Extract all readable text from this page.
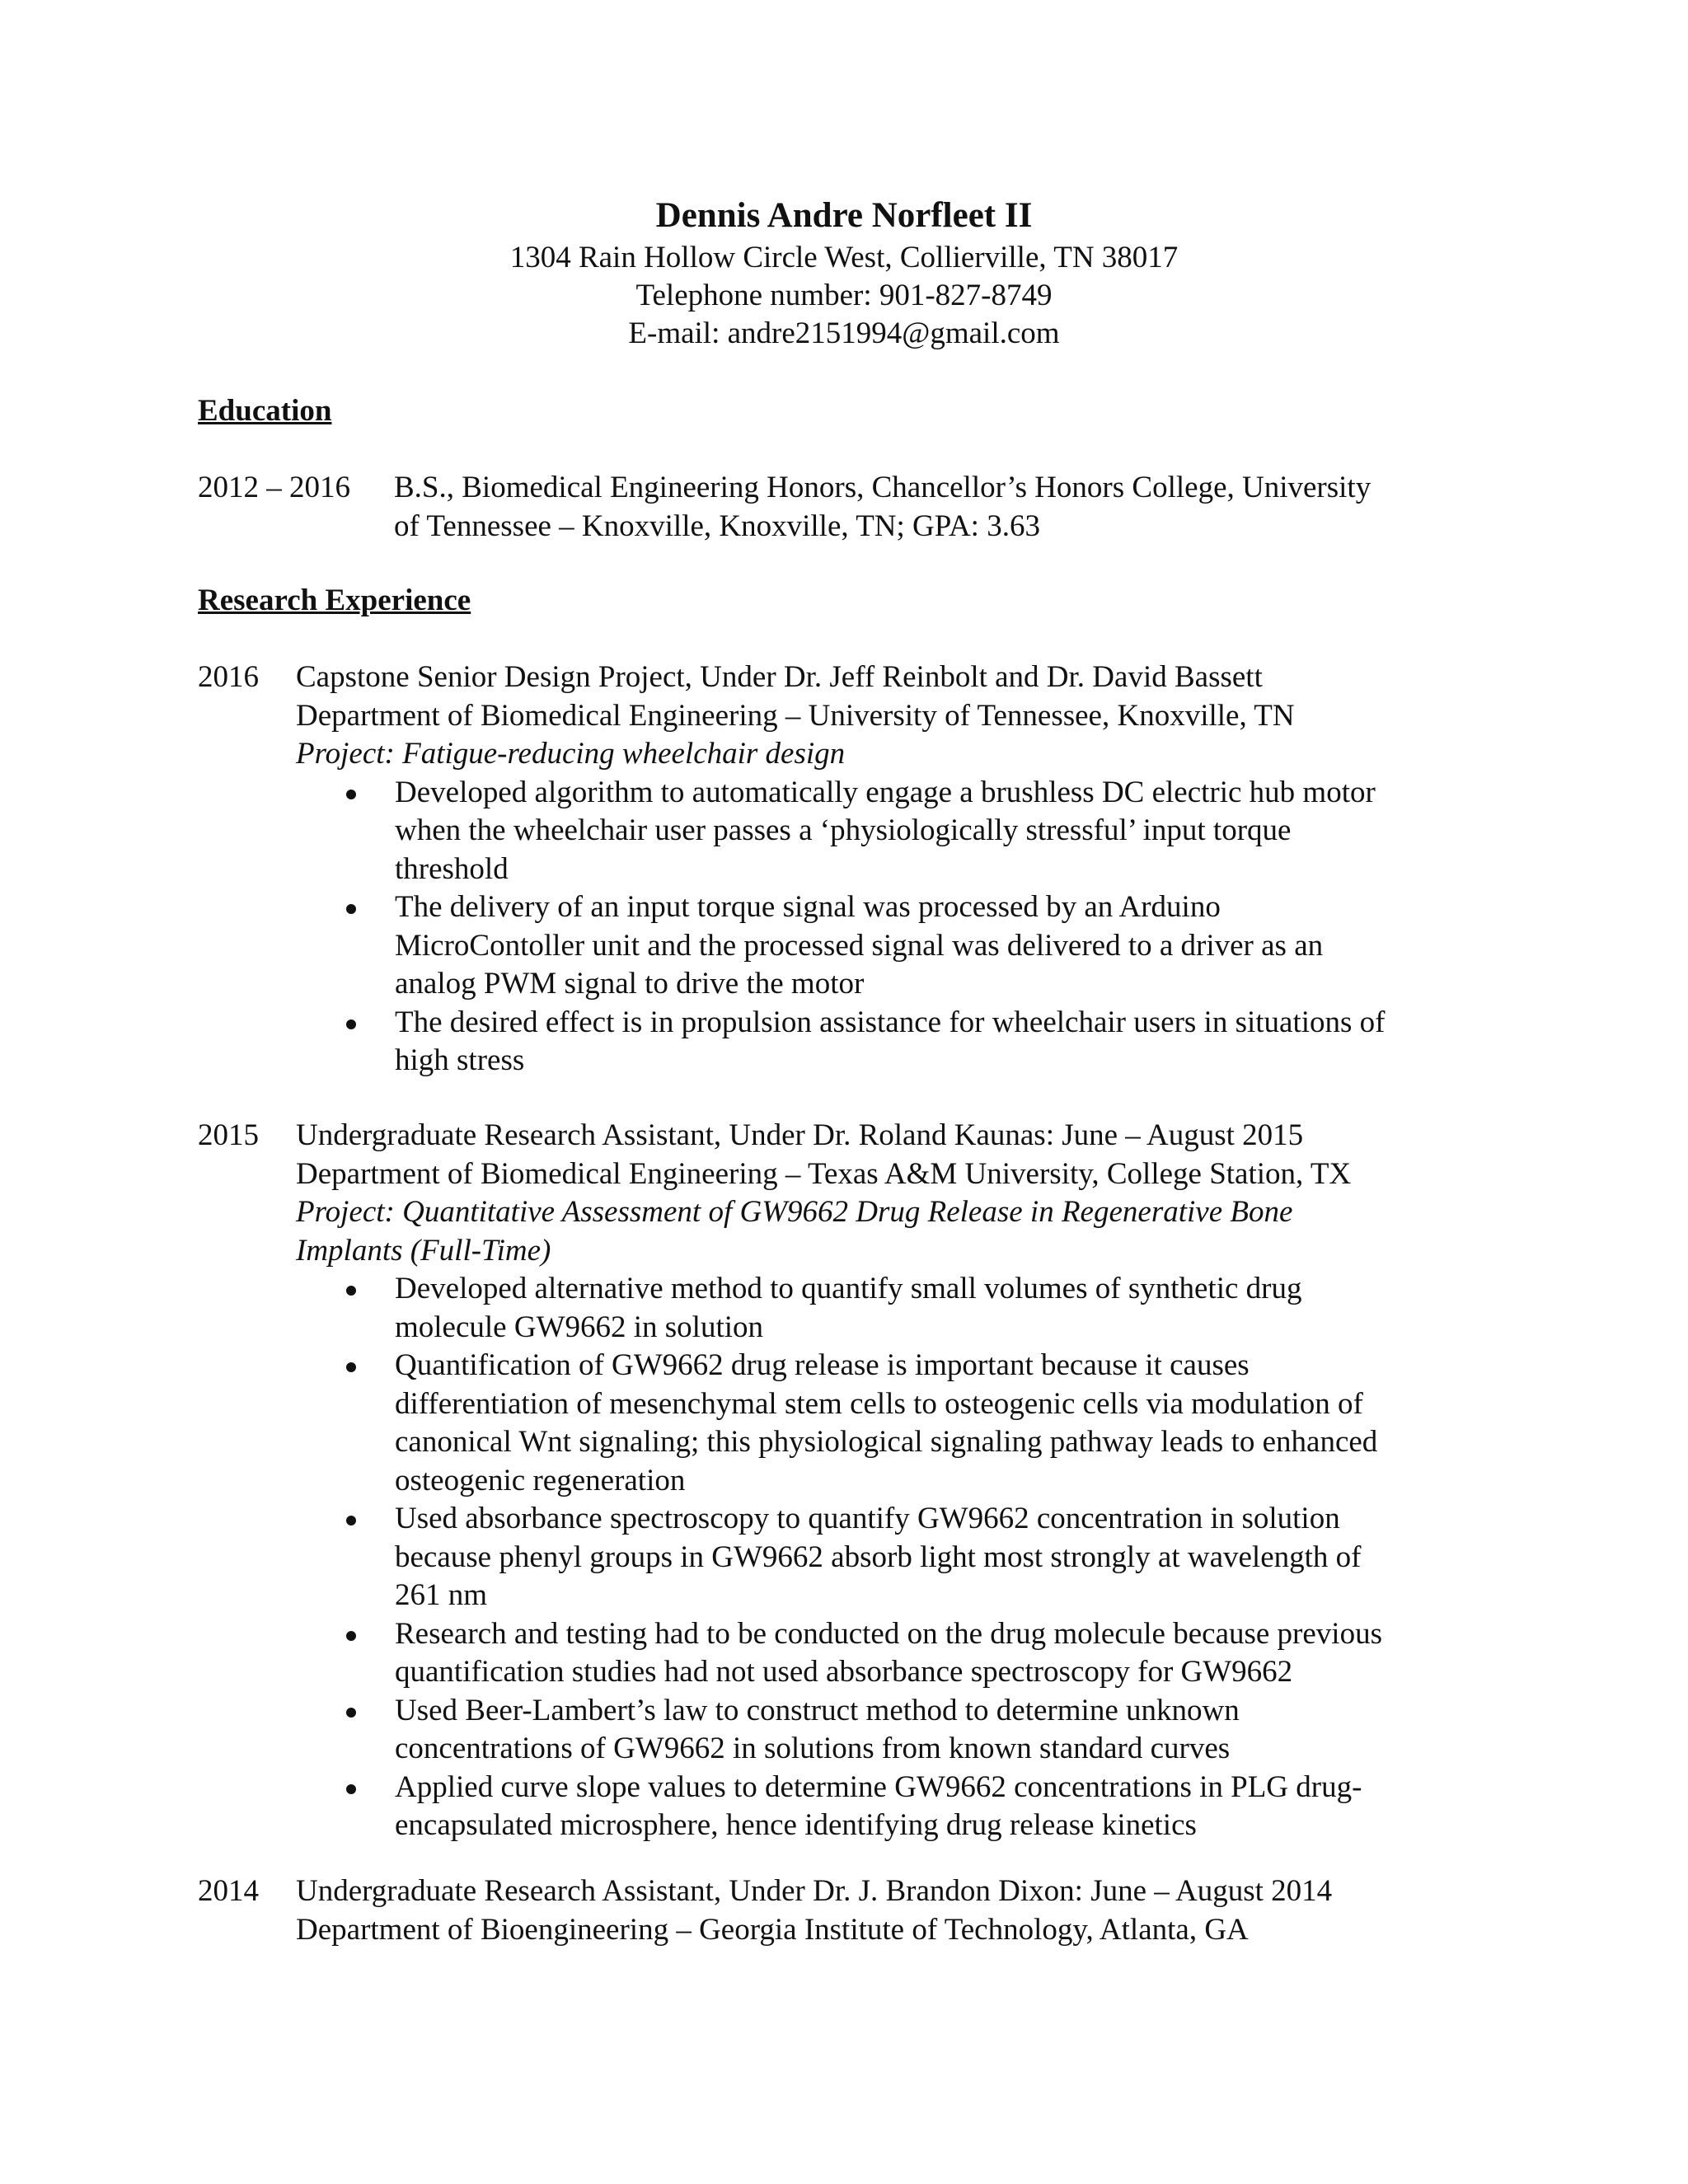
Dennis Andre Norfleet II
1304 Rain Hollow Circle West, Collierville, TN 38017
Telephone number: 901-827-8749
E-mail: andre2151994@gmail.com
Education
2012 – 2016 B.S., Biomedical Engineering Honors, Chancellor’s Honors College, University
of Tennessee – Knoxville, Knoxville, TN; GPA: 3.63
Research Experience
2016 Capstone Senior Design Project, Under Dr. Jeff Reinbolt and Dr. David Bassett
Department of Biomedical Engineering – University of Tennessee, Knoxville, TN
Project: Fatigue-reducing wheelchair design
Developed algorithm to automatically engage a brushless DC electric hub motor
when the wheelchair user passes a ‘physiologically stressful’ input torque
threshold
The delivery of an input torque signal was processed by an Arduino
MicroContoller unit and the processed signal was delivered to a driver as an
analog PWM signal to drive the motor
The desired effect is in propulsion assistance for wheelchair users in situations of
high stress
2015 Undergraduate Research Assistant, Under Dr. Roland Kaunas: June – August 2015
Department of Biomedical Engineering – Texas A&M University, College Station, TX
Project: Quantitative Assessment of GW9662 Drug Release in Regenerative Bone
Implants (Full-Time)
Developed alternative method to quantify small volumes of synthetic drug
molecule GW9662 in solution
Quantification of GW9662 drug release is important because it causes
differentiation of mesenchymal stem cells to osteogenic cells via modulation of
canonical Wnt signaling; this physiological signaling pathway leads to enhanced
osteogenic regeneration
Used absorbance spectroscopy to quantify GW9662 concentration in solution
because phenyl groups in GW9662 absorb light most strongly at wavelength of
261 nm
Research and testing had to be conducted on the drug molecule because previous
quantification studies had not used absorbance spectroscopy for GW9662
Used Beer-Lambert’s law to construct method to determine unknown
concentrations of GW9662 in solutions from known standard curves
Applied curve slope values to determine GW9662 concentrations in PLG drug-
encapsulated microsphere, hence identifying drug release kinetics
2014 Undergraduate Research Assistant, Under Dr. J. Brandon Dixon: June – August 2014
Department of Bioengineering – Georgia Institute of Technology, Atlanta, GA
